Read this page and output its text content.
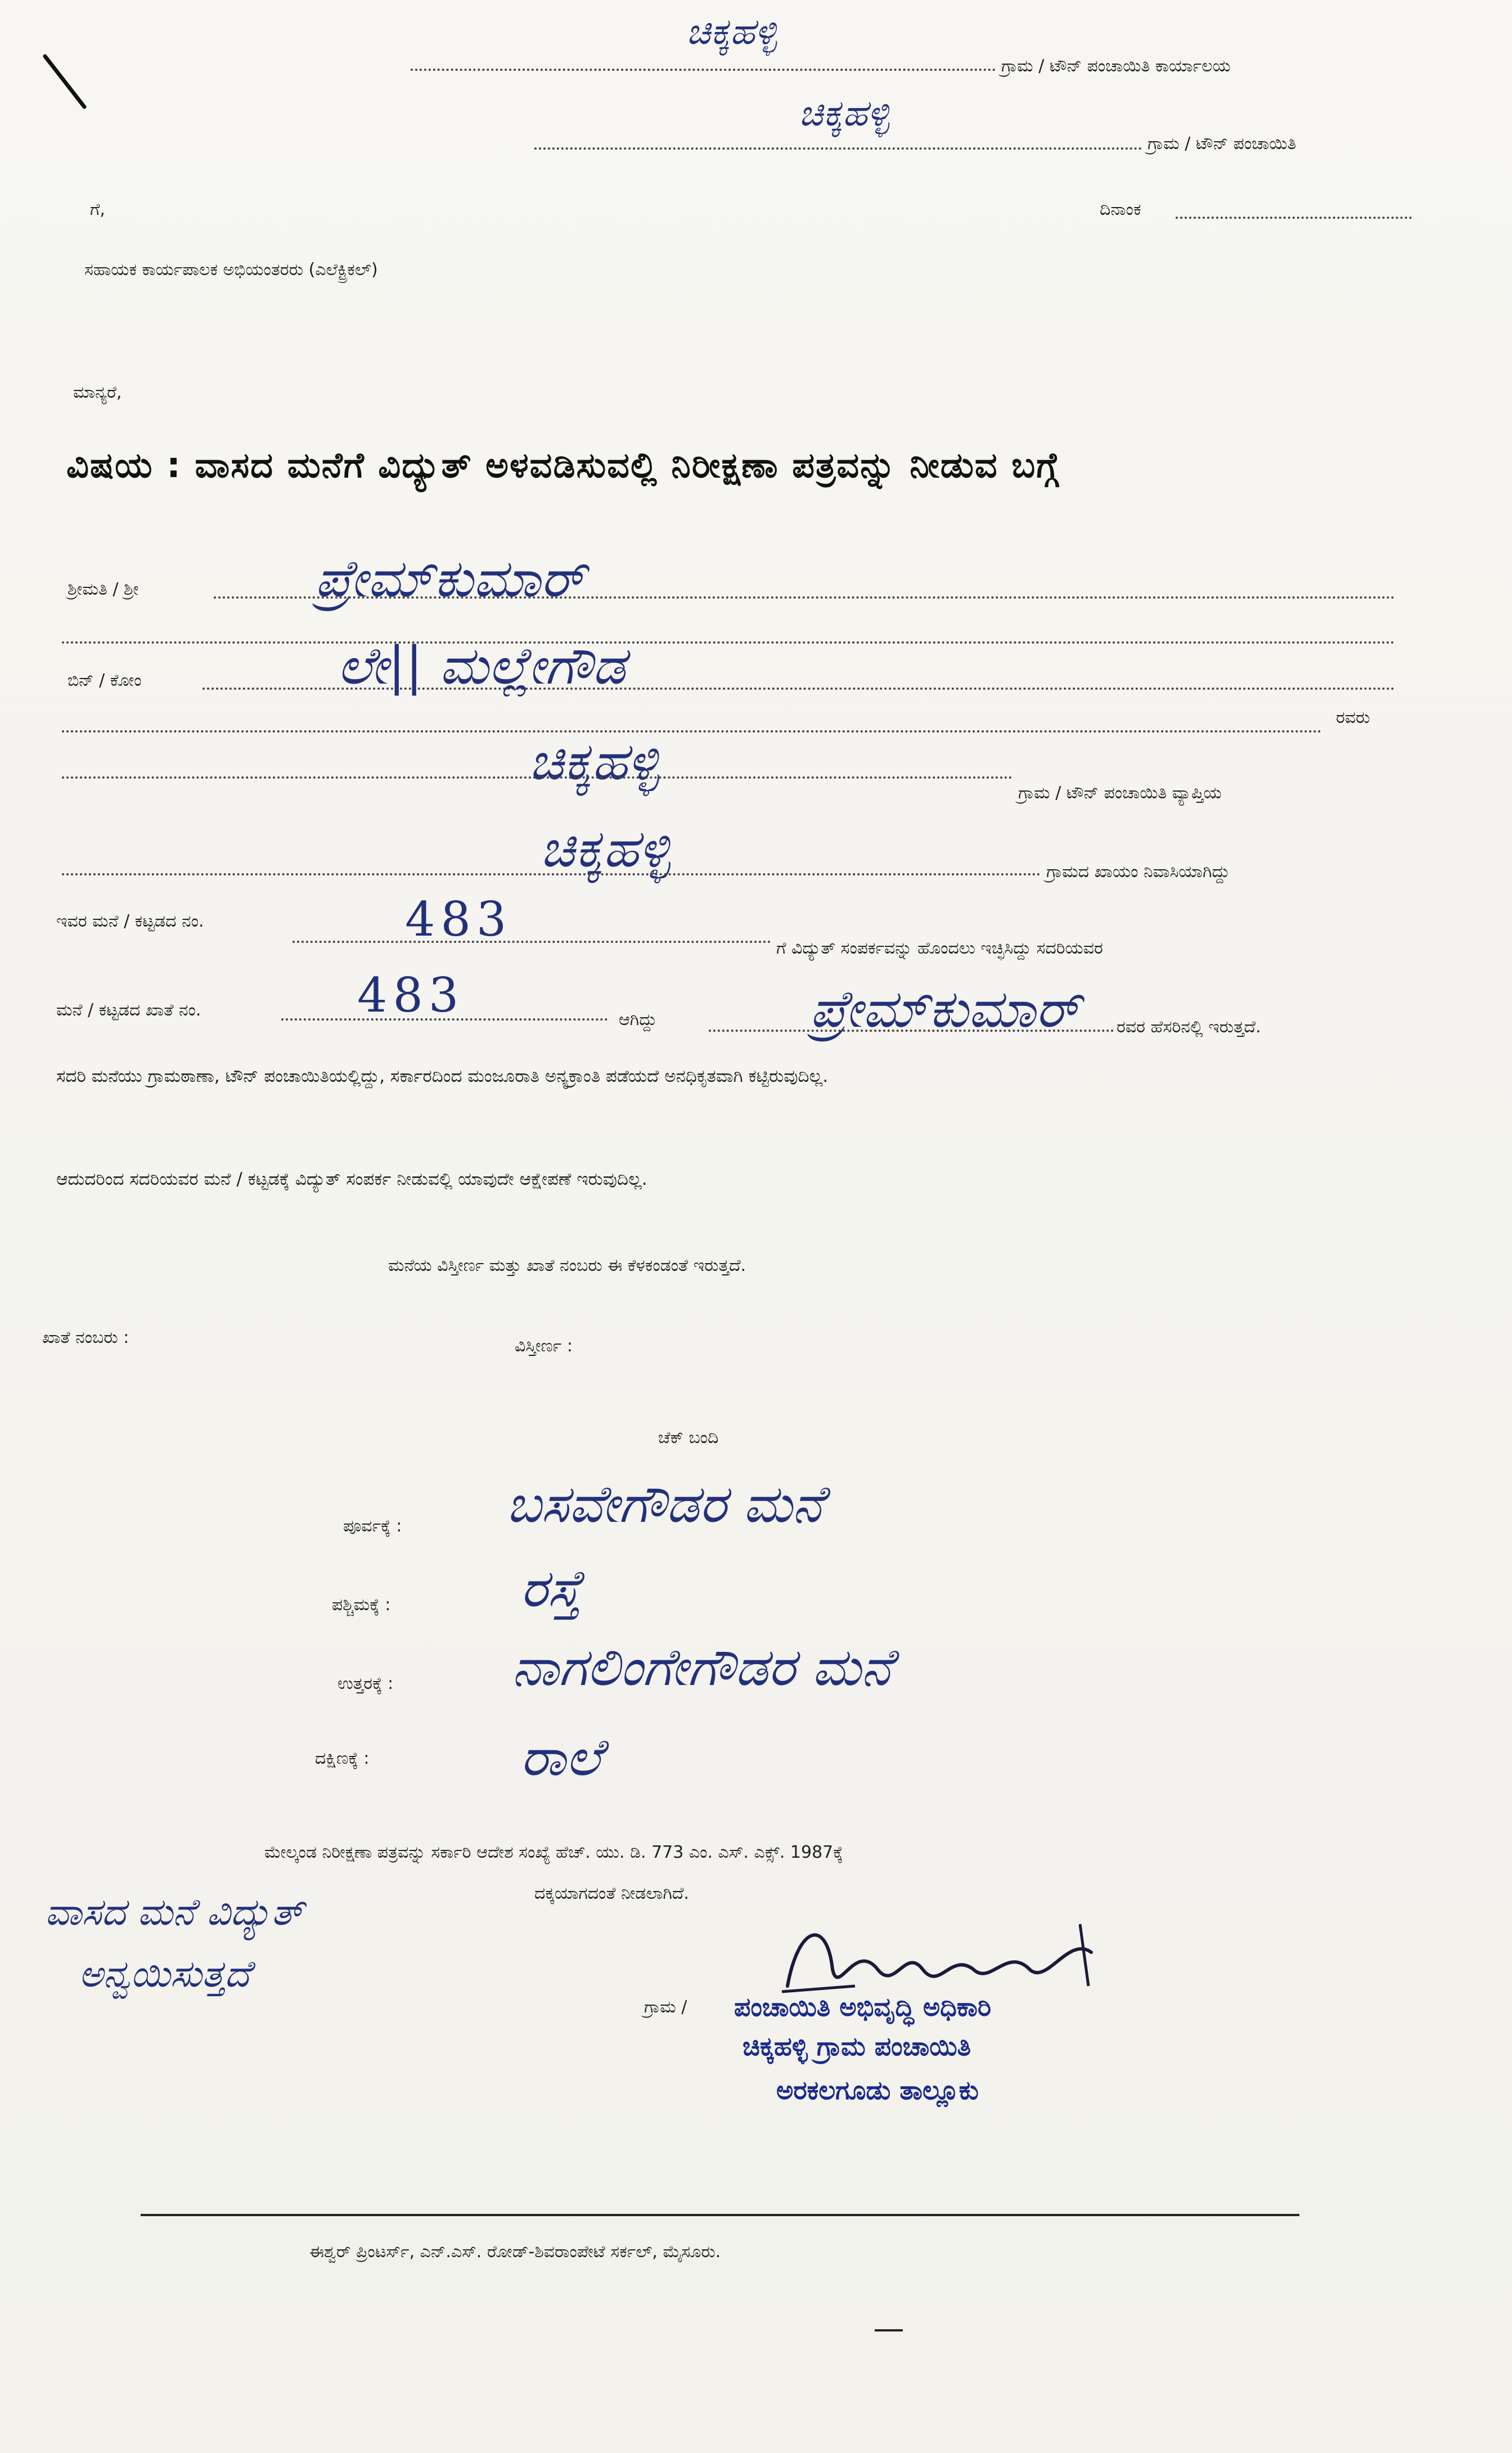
ಚಿಕ್ಕಹಳ್ಳಿ
ಗ್ರಾಮ / ಟೌನ್ ಪಂಚಾಯಿತಿ ಕಾರ್ಯಾಲಯ
ಚಿಕ್ಕಹಳ್ಳಿ
ಗ್ರಾಮ / ಟೌನ್ ಪಂಚಾಯಿತಿ
ಗೆ,
ಸಹಾಯಕ ಕಾರ್ಯಪಾಲಕ ಅಭಿಯಂತರರು (ಎಲೆಕ್ಟ್ರಿಕಲ್)
ದಿನಾಂಕ
ಮಾನ್ಯರೆ,
ವಿಷಯ : ವಾಸದ ಮನೆಗೆ ವಿದ್ಯುತ್ ಅಳವಡಿಸುವಲ್ಲಿ ನಿರೀಕ್ಷಣಾ ಪತ್ರವನ್ನು ನೀಡುವ ಬಗ್ಗೆ
ಶ್ರೀಮತಿ / ಶ್ರೀ	ಪ್ರೇಮ್‌ಕುಮಾರ್
ಬಿನ್ / ಕೋಂ	ಲೇ|| ಮಲ್ಲೇಗೌಡ
ರವರು
ಚಿಕ್ಕಹಳ್ಳಿ
ಗ್ರಾಮ / ಟೌನ್ ಪಂಚಾಯಿತಿ ವ್ಯಾಪ್ತಿಯ
ಚಿಕ್ಕಹಳ್ಳಿ	ಗ್ರಾಮದ ಖಾಯಂ ನಿವಾಸಿಯಾಗಿದ್ದು
ಇವರ ಮನೆ / ಕಟ್ಟಡದ ನಂ.	483
ಗೆ ವಿದ್ಯುತ್ ಸಂಪರ್ಕವನ್ನು ಹೊಂದಲು ಇಚ್ಛಿಸಿದ್ದು ಸದರಿಯವರ
ಮನೆ / ಕಟ್ಟಡದ ಖಾತೆ ನಂ.	483	ಆಗಿದ್ದು	ಪ್ರೇಮ್‌ಕುಮಾರ್ ರವರ ಹೆಸರಿನಲ್ಲಿ ಇರುತ್ತದೆ.
ಸದರಿ ಮನೆಯು ಗ್ರಾಮಠಾಣಾ, ಟೌನ್ ಪಂಚಾಯಿತಿಯಲ್ಲಿದ್ದು, ಸರ್ಕಾರದಿಂದ ಮಂಜೂರಾತಿ ಅನ್ಯಕ್ರಾಂತಿ ಪಡೆಯದೆ ಅನಧಿಕೃತವಾಗಿ ಕಟ್ಟಿರುವುದಿಲ್ಲ.
ಆದುದರಿಂದ ಸದರಿಯವರ ಮನೆ / ಕಟ್ಟಡಕ್ಕೆ ವಿದ್ಯುತ್ ಸಂಪರ್ಕ ನೀಡುವಲ್ಲಿ ಯಾವುದೇ ಆಕ್ಷೇಪಣೆ ಇರುವುದಿಲ್ಲ.
ಮನೆಯ ವಿಸ್ತೀರ್ಣ ಮತ್ತು ಖಾತೆ ನಂಬರು ಈ ಕೆಳಕಂಡಂತೆ ಇರುತ್ತದೆ.
ಖಾತೆ ನಂಬರು :	ವಿಸ್ತೀರ್ಣ :
ಚೆಕ್ ಬಂದಿ
ಪೂರ್ವಕ್ಕೆ : ಬಸವೇಗೌಡರ ಮನೆ
ಪಶ್ಚಿಮಕ್ಕೆ :	ರಸ್ತೆ
ಉತ್ತರಕ್ಕೆ : ನಾಗಲಿಂಗೇಗೌಡರ ಮನೆ
ದಕ್ಷಿಣಕ್ಕೆ :	ರಾಲೆ
ಮೇಲ್ಕಂಡ ನಿರೀಕ್ಷಣಾ ಪತ್ರವನ್ನು ಸರ್ಕಾರಿ ಆದೇಶ ಸಂಖ್ಯೆ ಹೆಚ್. ಯು. ಡಿ. 773 ಎಂ. ಎಸ್. ಎಕ್ಸ್. 1987ಕ್ಕೆ
ದಕ್ಕಯಾಗದಂತೆ ನೀಡಲಾಗಿದೆ.
ವಾಸದ ಮನೆ ವಿದ್ಯುತ್
ಅನ್ವಯಿಸುತ್ತದೆ
ಗ್ರಾಮ / ಪಂಚಾಯಿತಿ ಅಭಿವೃದ್ಧಿ ಅಧಿಕಾರಿ
ಚಿಕ್ಕಹಳ್ಳಿ ಗ್ರಾಮ ಪಂಚಾಯಿತಿ
ಅರಕಲಗೂಡು ತಾಲ್ಲೂಕು
ಈಶ್ವರ್ ಪ್ರಿಂಟರ್ಸ್, ಎನ್.ಎಸ್. ರೋಡ್-ಶಿವರಾಂಪೇಟೆ ಸರ್ಕಲ್, ಮೈಸೂರು.
